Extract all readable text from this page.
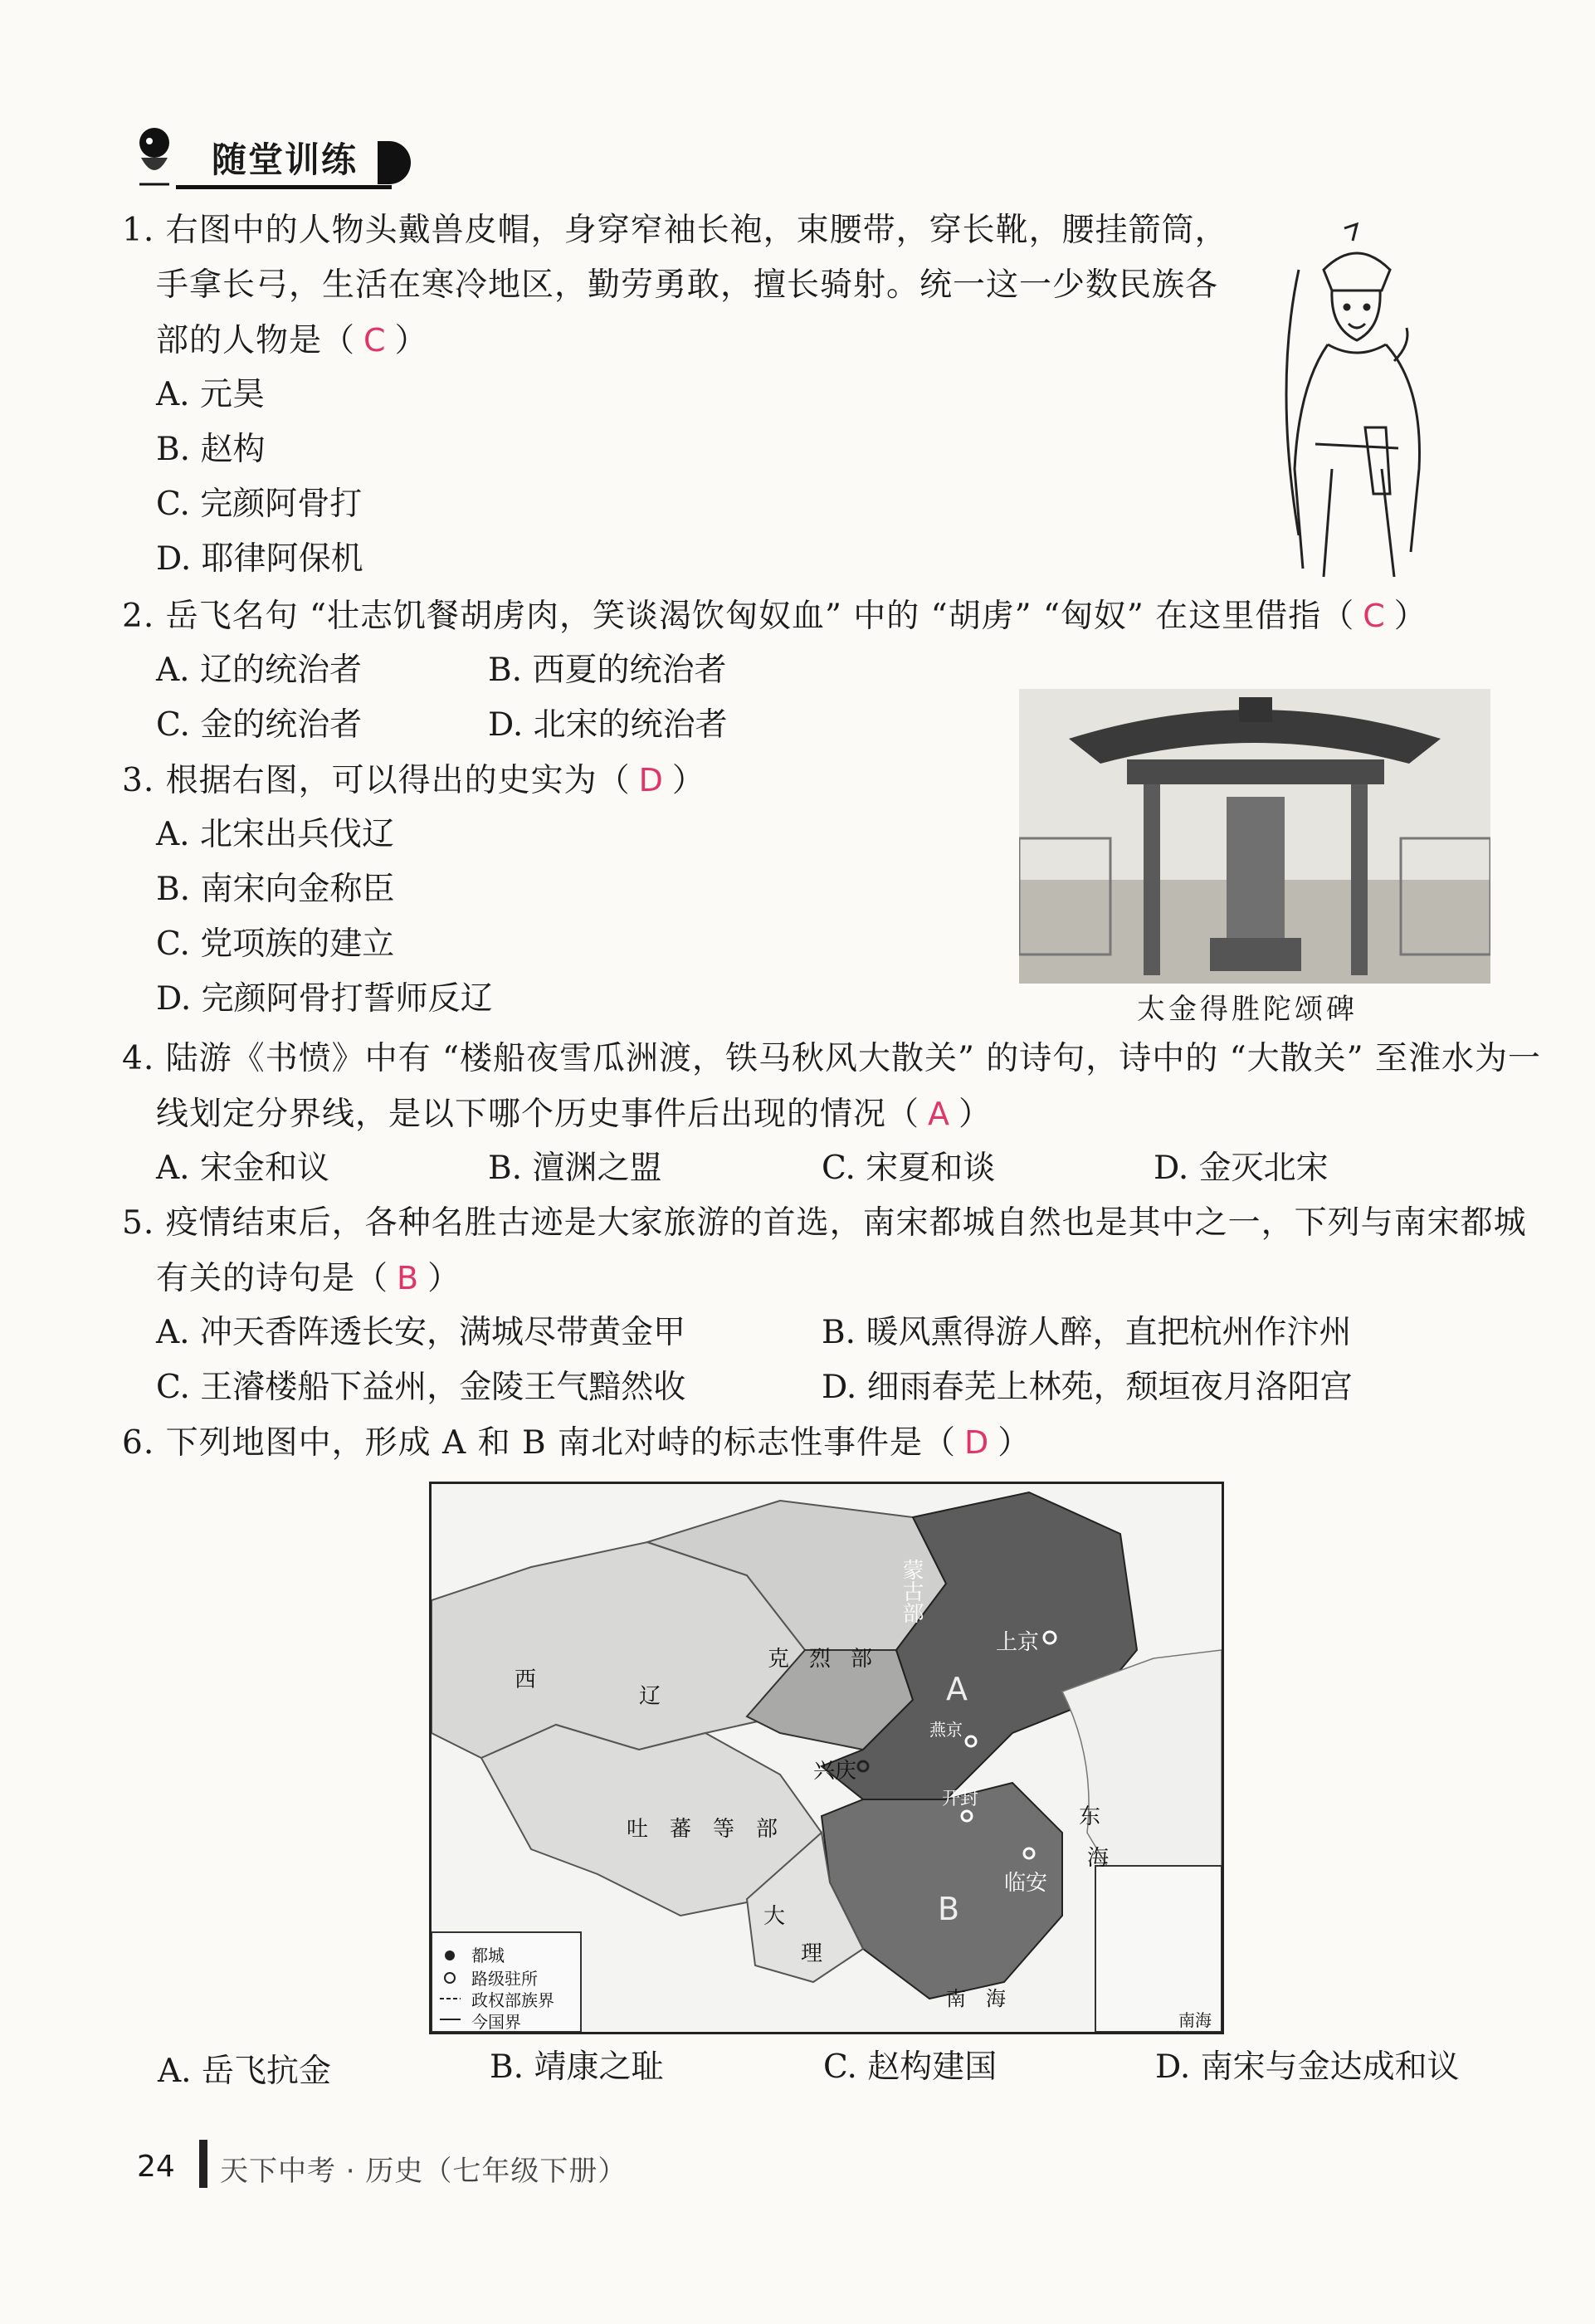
随堂训练
1. 右图中的人物头戴兽皮帽，身穿窄袖长袍，束腰带，穿长靴，腰挂箭筒，
手拿长弓，生活在寒冷地区，勤劳勇敢，擅长骑射。统一这一少数民族各
部的人物是（ C ）
A. 元昊
B. 赵构
C. 完颜阿骨打
D. 耶律阿保机
2. 岳飞名句 “壮志饥餐胡虏肉，笑谈渴饮匈奴血” 中的 “胡虏” “匈奴” 在这里借指（ C ）
A. 辽的统治者	B. 西夏的统治者
C. 金的统治者	D. 北宋的统治者
3. 根据右图，可以得出的史实为（ D ）
A. 北宋出兵伐辽
B. 南宋向金称臣
C. 党项族的建立
D. 完颜阿骨打誓师反辽	太金得胜陀颂碑
4. 陆游《书愤》中有 “楼船夜雪瓜洲渡，铁马秋风大散关” 的诗句，诗中的 “大散关” 至淮水为一
线划定分界线，是以下哪个历史事件后出现的情况（ A ）
A. 宋金和议	B. 澶渊之盟	C. 宋夏和谈	D. 金灭北宋
5. 疫情结束后，各种名胜古迹是大家旅游的首选，南宋都城自然也是其中之一，下列与南宋都城
有关的诗句是（ B ）
A. 冲天香阵透长安，满城尽带黄金甲	B. 暖风熏得游人醉，直把杭州作汴州
C. 王濬楼船下益州，金陵王气黯然收	D. 细雨春芜上林苑，颓垣夜月洛阳宫
6. 下列地图中，形成 A 和 B 南北对峙的标志性事件是（ D ）
西
辽
克 烈 部
蒙古部
上京
A
燕京
兴庆
开封
吐　蕃　等　部
临安
B
大
理
东
海
南　海
南海
都城
路级驻所
政权部族界
今国界
A. 岳飞抗金	B. 靖康之耻	C. 赵构建国	D. 南宋与金达成和议
24 天下中考 · 历史（七年级下册）
